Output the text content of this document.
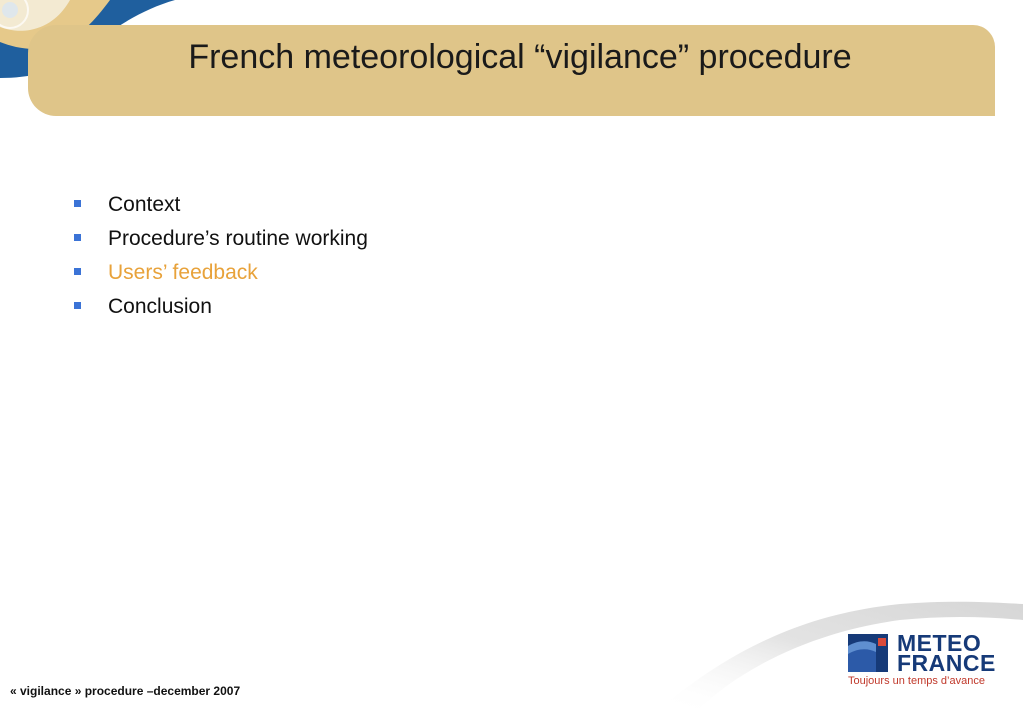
French meteorological “vigilance” procedure
Context
Procedure’s routine working
Users’ feedback
Conclusion
« vigilance » procedure –december 2007
METEO
FRANCE
Toujours un temps d’avance
